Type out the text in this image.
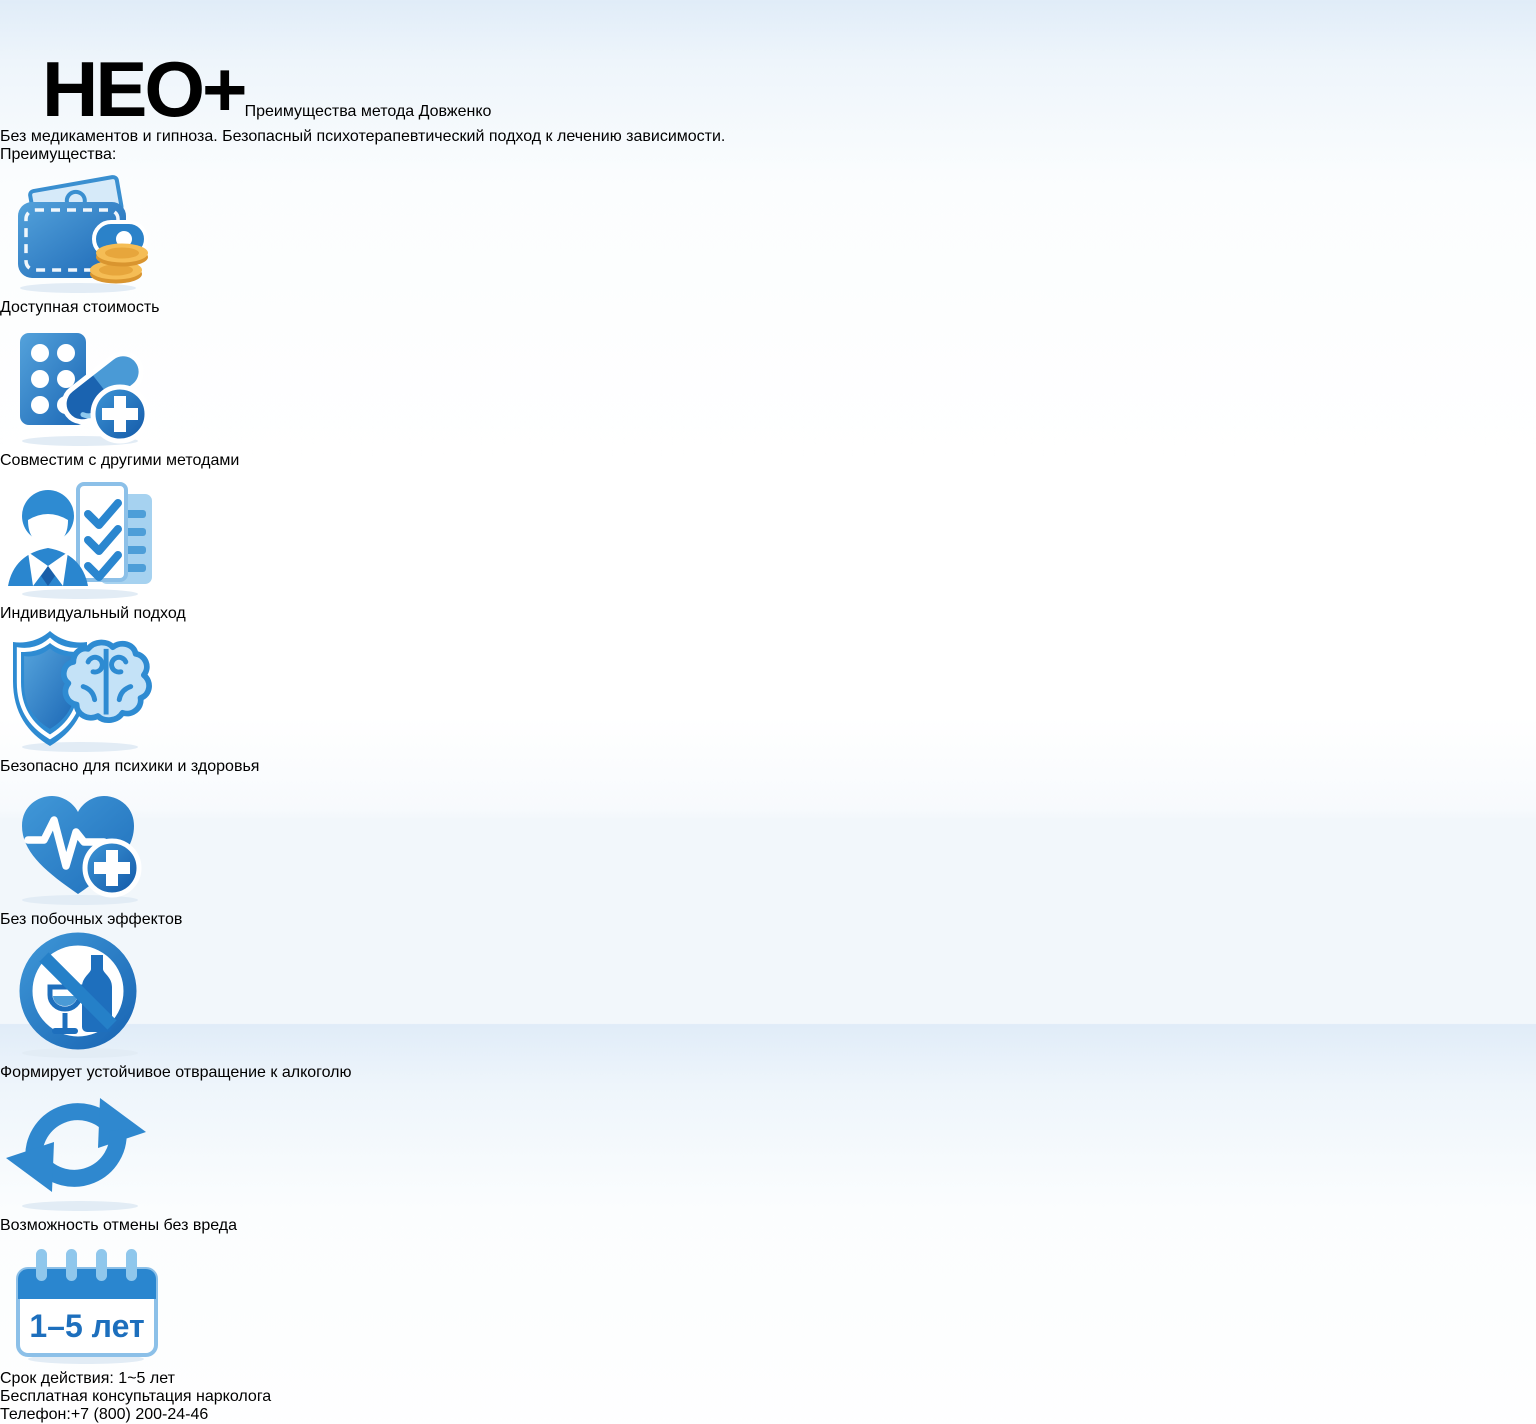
НЕО+ Преимущества метода Довженко
Без медикаментов и гипноза. Безопасный психотерапевтический подход к лечению зависимости.
Преимущества:
Доступная стоимость
Совместим с другими методами
Индивидуальный подход
Безопасно для психики и здоровья
Без побочных эффектов
Формирует устойчивое отвращение к алкоголю
Возможность отмены без вреда
1–5 лет
Срок действия: 1~5 лет
Бесплатная консупьтация нарколога
Телефон:+7 (800) 200-24-46
